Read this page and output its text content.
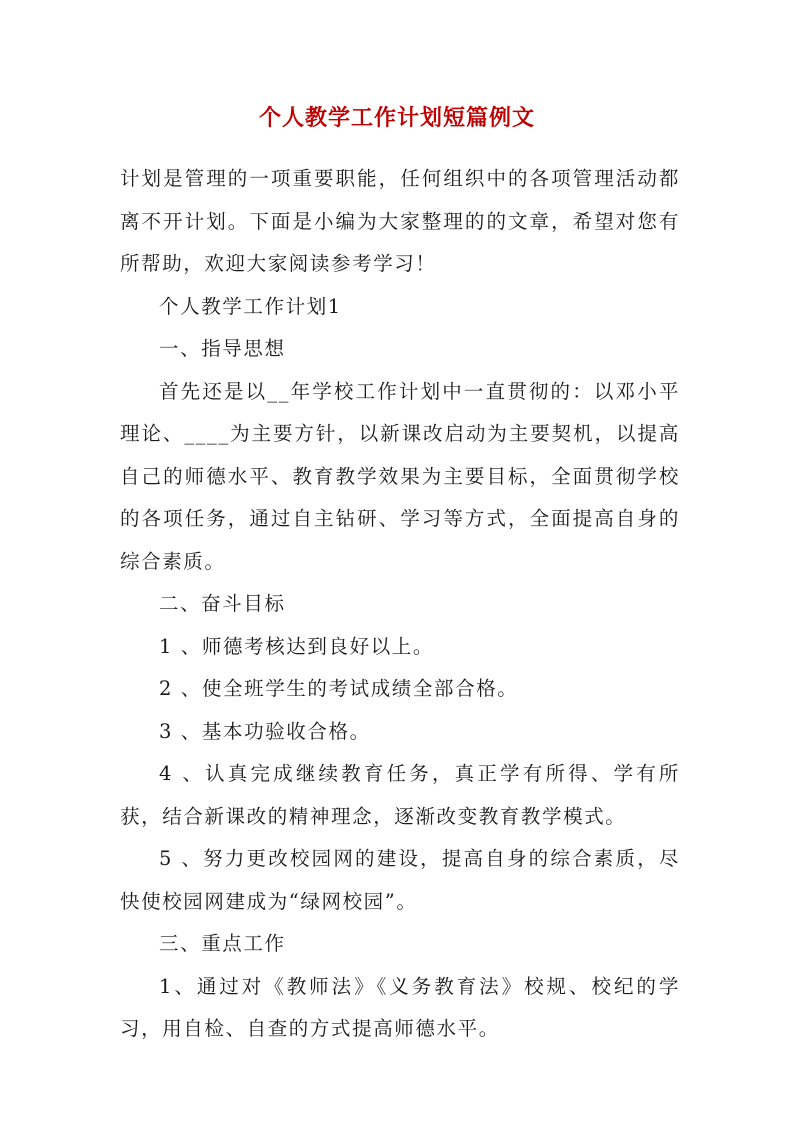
个人教学工作计划短篇例文

计划是管理的一项重要职能，任何组织中的各项管理活动都离不开计划。下面是小编为大家整理的的文章，希望对您有所帮助，欢迎大家阅读参考学习！

个人教学工作计划1

一、指导思想

首先还是以__年学校工作计划中一直贯彻的：以邓小平理论、____为主要方针，以新课改启动为主要契机，以提高自己的师德水平、教育教学效果为主要目标，全面贯彻学校的各项任务，通过自主钻研、学习等方式，全面提高自身的综合素质。

二、奋斗目标

1 、师德考核达到良好以上。

2 、使全班学生的考试成绩全部合格。

3 、基本功验收合格。

4 、认真完成继续教育任务，真正学有所得、学有所获，结合新课改的精神理念，逐渐改变教育教学模式。

5 、努力更改校园网的建设，提高自身的综合素质，尽快使校园网建成为“绿网校园”。

三、重点工作

1、通过对《教师法》《义务教育法》校规、校纪的学习，用自检、自查的方式提高师德水平。
